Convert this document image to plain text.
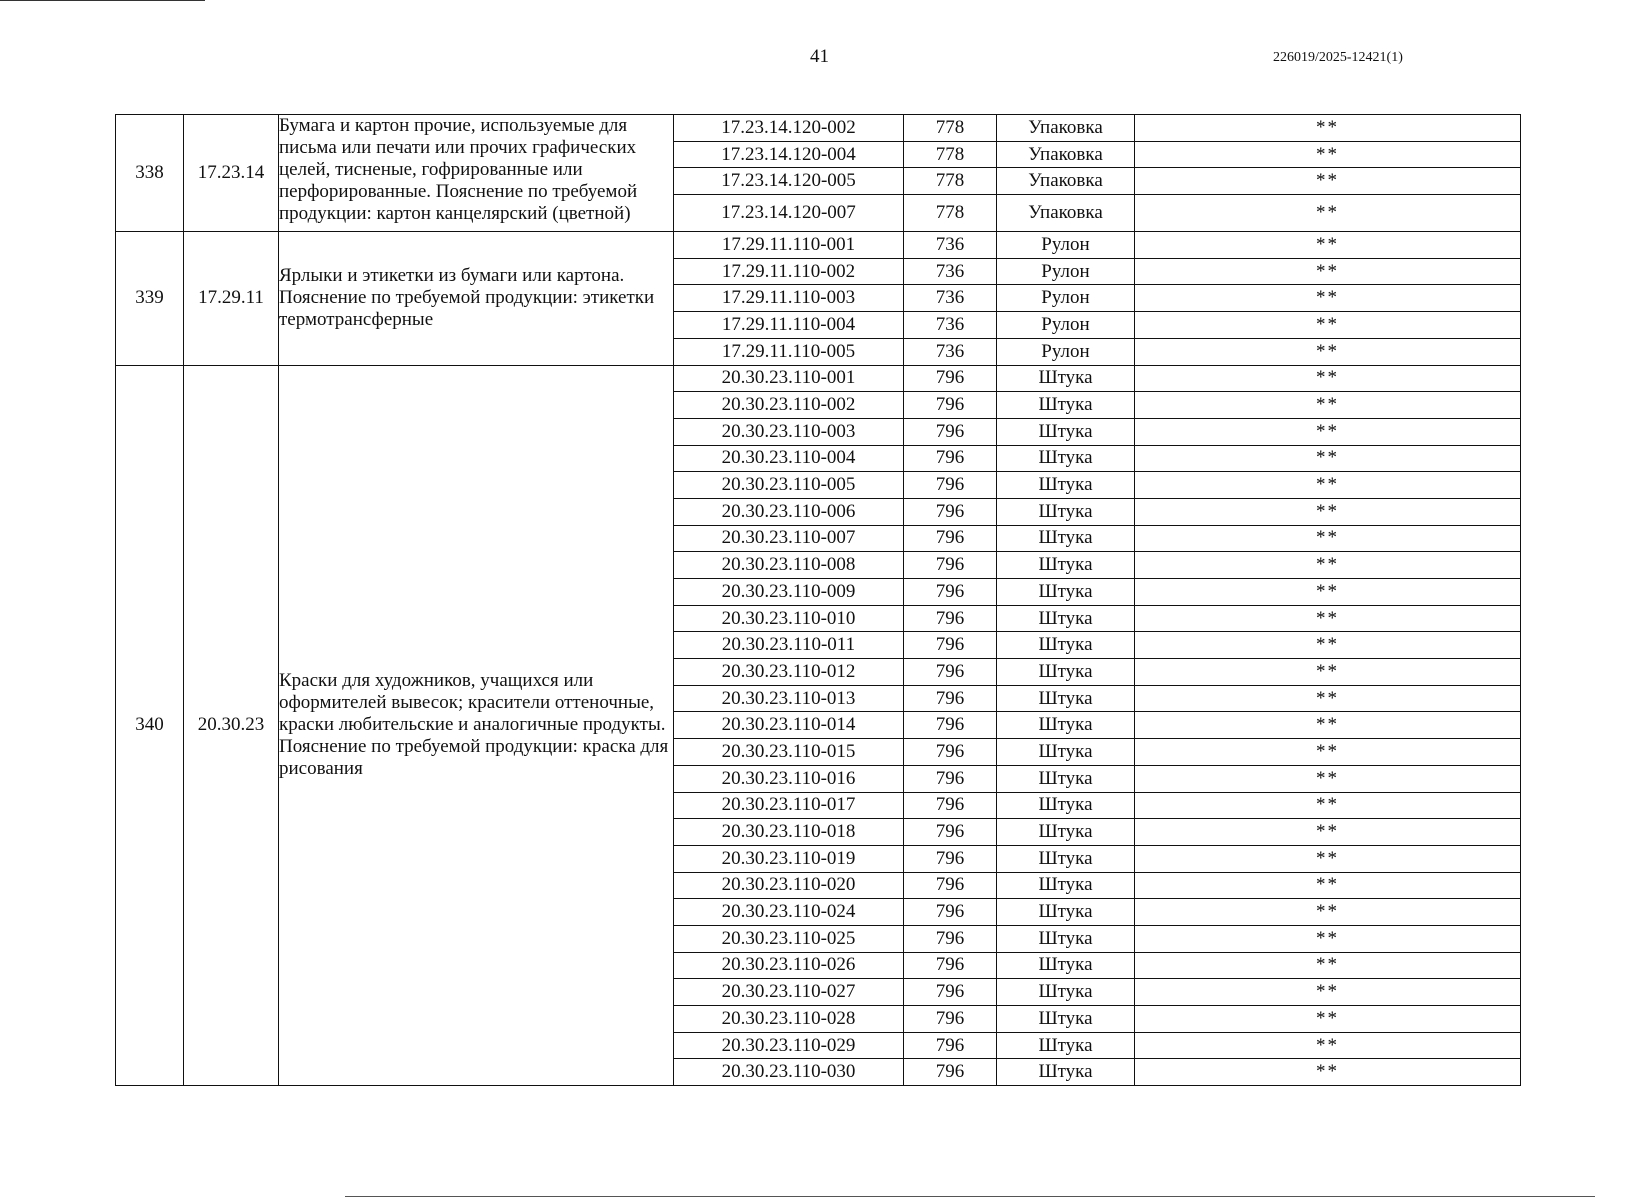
41	226019/2025-12421(1)
338	17.23.14	Бумага и картон прочие, используемые для письма или печати или прочих графических целей, тисненые, гофрированные или перфорированные. Пояснение по требуемой продукции: картон канцелярский (цветной)	17.23.14.120-002	778	Упаковка	**
			17.23.14.120-004	778	Упаковка	**
			17.23.14.120-005	778	Упаковка	**
			17.23.14.120-007	778	Упаковка	**
339	17.29.11	Ярлыки и этикетки из бумаги или картона. Пояснение по требуемой продукции: этикетки термотрансферные	17.29.11.110-001	736	Рулон	**
			17.29.11.110-002	736	Рулон	**
			17.29.11.110-003	736	Рулон	**
			17.29.11.110-004	736	Рулон	**
			17.29.11.110-005	736	Рулон	**
340	20.30.23	Краски для художников, учащихся или оформителей вывесок; красители оттеночные, краски любительские и аналогичные продукты. Пояснение по требуемой продукции: краска для рисования	20.30.23.110-001	796	Штука	**
			20.30.23.110-002	796	Штука	**
			20.30.23.110-003	796	Штука	**
			20.30.23.110-004	796	Штука	**
			20.30.23.110-005	796	Штука	**
			20.30.23.110-006	796	Штука	**
			20.30.23.110-007	796	Штука	**
			20.30.23.110-008	796	Штука	**
			20.30.23.110-009	796	Штука	**
			20.30.23.110-010	796	Штука	**
			20.30.23.110-011	796	Штука	**
			20.30.23.110-012	796	Штука	**
			20.30.23.110-013	796	Штука	**
			20.30.23.110-014	796	Штука	**
			20.30.23.110-015	796	Штука	**
			20.30.23.110-016	796	Штука	**
			20.30.23.110-017	796	Штука	**
			20.30.23.110-018	796	Штука	**
			20.30.23.110-019	796	Штука	**
			20.30.23.110-020	796	Штука	**
			20.30.23.110-024	796	Штука	**
			20.30.23.110-025	796	Штука	**
			20.30.23.110-026	796	Штука	**
			20.30.23.110-027	796	Штука	**
			20.30.23.110-028	796	Штука	**
			20.30.23.110-029	796	Штука	**
			20.30.23.110-030	796	Штука	**
